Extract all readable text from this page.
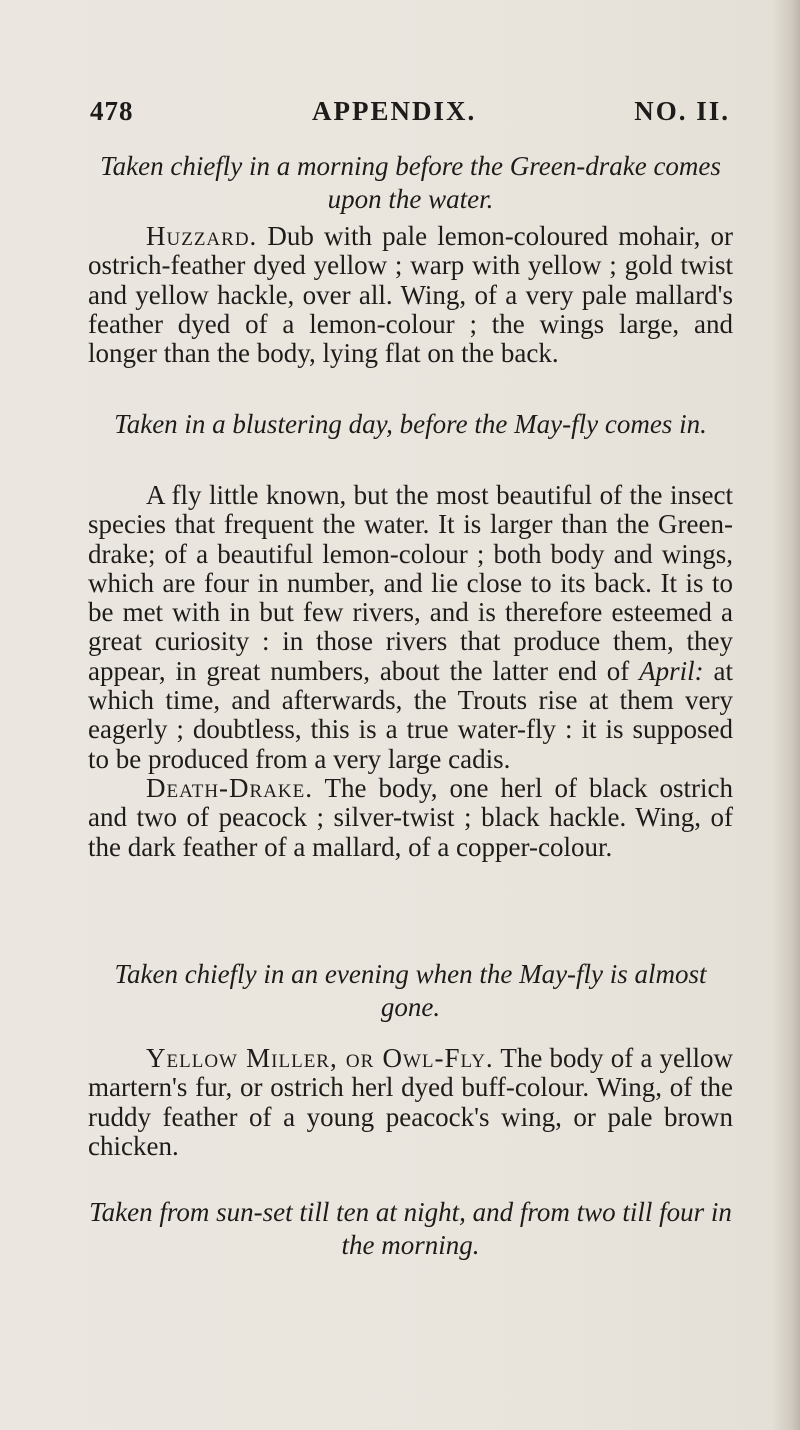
478	APPENDIX.	NO. II.

Taken chiefly in a morning before the Green-drake comes upon the water.

Huzzard. Dub with pale lemon-coloured mohair, or ostrich-feather dyed yellow ; warp with yellow ; gold twist and yellow hackle, over all. Wing, of a very pale mallard's feather dyed of a lemon-colour ; the wings large, and longer than the body, lying flat on the back.

Taken in a blustering day, before the May-fly comes in.

A fly little known, but the most beautiful of the insect species that frequent the water. It is larger than the Green-drake; of a beautiful lemon-colour ; both body and wings, which are four in number, and lie close to its back. It is to be met with in but few rivers, and is therefore esteemed a great curiosity : in those rivers that produce them, they appear, in great numbers, about the latter end of April: at which time, and afterwards, the Trouts rise at them very eagerly ; doubtless, this is a true water-fly : it is supposed to be produced from a very large cadis.

Death-Drake. The body, one herl of black ostrich and two of peacock ; silver-twist ; black hackle. Wing, of the dark feather of a mallard, of a copper-colour.

Taken chiefly in an evening when the May-fly is almost gone.

Yellow Miller, or Owl-Fly. The body of a yellow martern's fur, or ostrich herl dyed buff-colour. Wing, of the ruddy feather of a young peacock's wing, or pale brown chicken.

Taken from sun-set till ten at night, and from two till four in the morning.
